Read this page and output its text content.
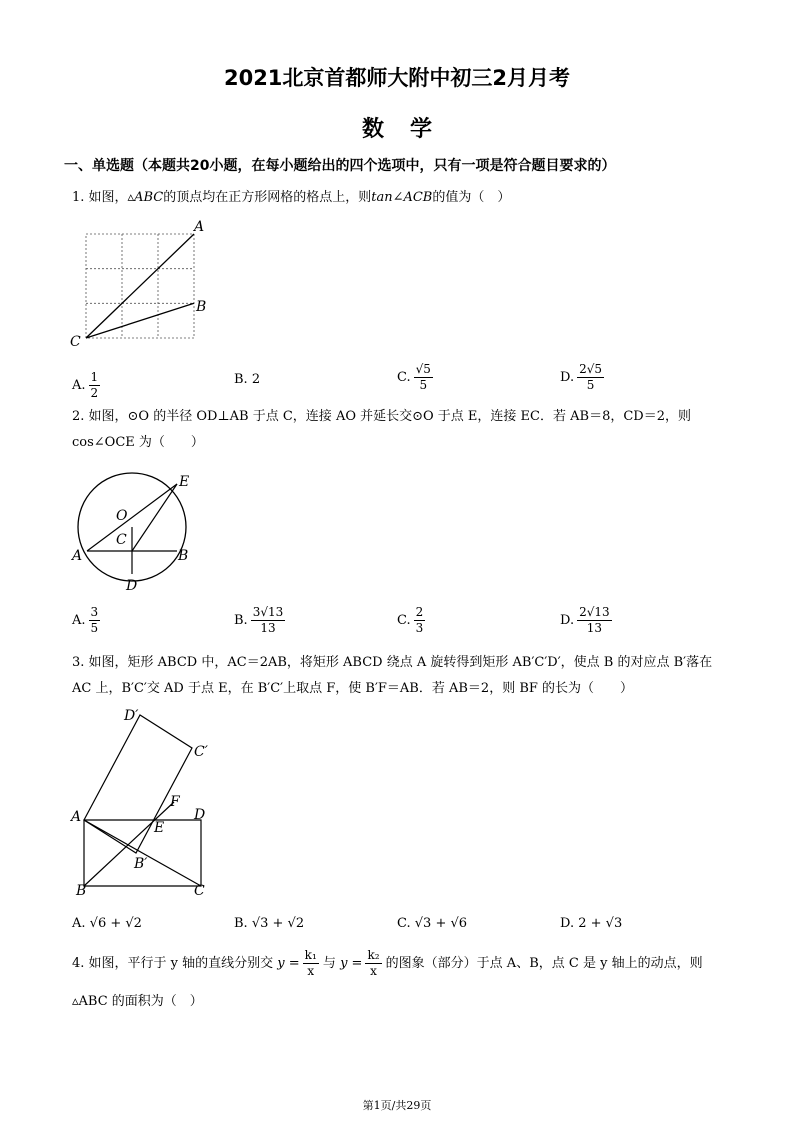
2021北京首都师大附中初三2月月考
数学
一、单选题（本题共20小题，在每小题给出的四个选项中，只有一项是符合题目要求的）
1. 如图，▵ABC的顶点均在正方形网格的格点上，则tan∠ACB的值为（　）
A
B
C
A. $\frac{1}{2}$	B. 2	C. $\frac{√5}{5}$	D. $\frac{2√5}{5}$
2. 如图，⊙O 的半径 OD⊥AB 于点 C，连接 AO 并延长交⊙O 于点 E，连接 EC．若 AB＝8，CD＝2，则
cos∠OCE 为（　　）
E
O
C
A	B
D
A. $\frac{3}{5}$	B. $\frac{3√13}{13}$	C. $\frac{2}{3}$	D. $\frac{2√13}{13}$
3. 如图，矩形 ABCD 中，AC＝2AB，将矩形 ABCD 绕点 A 旋转得到矩形 AB′C′D′，使点 B 的对应点 B′落在
AC 上，B′C′交 AD 于点 E，在 B′C′上取点 F，使 B′F＝AB．若 AB＝2，则 BF 的长为（　　）
D′
C′
F
A	D
E
B′
B	C
A. √6 + √2	B. √3 + √2	C. √3 + √6	D. 2 + √3
4. 如图，平行于 y 轴的直线分别交 $y = \frac{\text{k₁}}{x}$ 与 $y = \frac{\text{k₂}}{x}$ 的图象（部分）于点 A、B，点 C 是 y 轴上的动点，则
▵ABC 的面积为（　）
第1页/共29页
